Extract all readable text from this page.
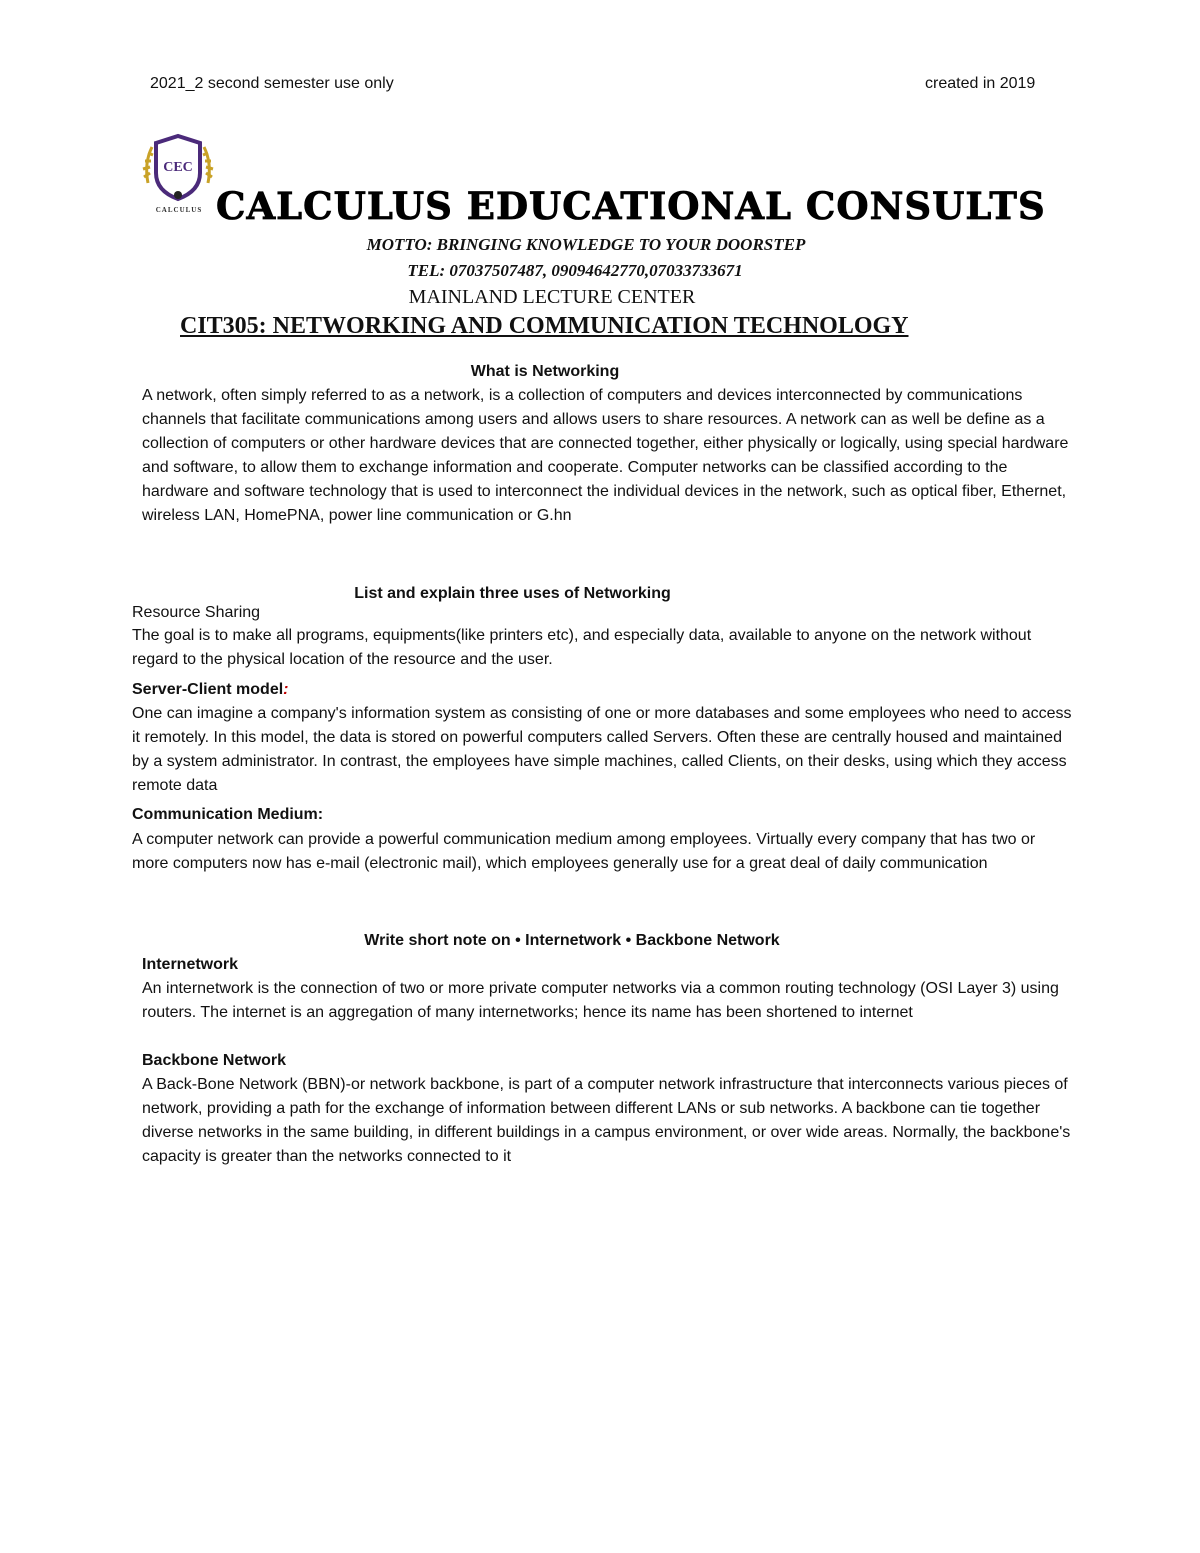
2021_2 second semester use only	created in 2019
CEC
CALCULUS CALCULUS EDUCATIONAL CONSULTS
MOTTO: BRINGING KNOWLEDGE TO YOUR DOORSTEP
TEL: 07037507487, 09094642770,07033733671
MAINLAND LECTURE CENTER
CIT305: NETWORKING AND COMMUNICATION TECHNOLOGY
What is Networking
A network, often simply referred to as a network, is a collection of computers and devices interconnected by communications channels that facilitate communications among users and allows users to share resources. A network can as well be define as a collection of computers or other hardware devices that are connected together, either physically or logically, using special hardware and software, to allow them to exchange information and cooperate. Computer networks can be classified according to the hardware and software technology that is used to interconnect the individual devices in the network, such as optical fiber, Ethernet, wireless LAN, HomePNA, power line communication or G.hn
List and explain three uses of Networking
Resource Sharing
The goal is to make all programs, equipments(like printers etc), and especially data, available to anyone on the network without regard to the physical location of the resource and the user.
Server-Client model:
One can imagine a company's information system as consisting of one or more databases and some employees who need to access it remotely. In this model, the data is stored on powerful computers called Servers. Often these are centrally housed and maintained by a system administrator. In contrast, the employees have simple machines, called Clients, on their desks, using which they access remote data
Communication Medium:
A computer network can provide a powerful communication medium among employees. Virtually every company that has two or more computers now has e-mail (electronic mail), which employees generally use for a great deal of daily communication
Write short note on • Internetwork • Backbone Network
Internetwork
An internetwork is the connection of two or more private computer networks via a common routing technology (OSI Layer 3) using routers. The internet is an aggregation of many internetworks; hence its name has been shortened to internet
Backbone Network
A Back-Bone Network (BBN)-or network backbone, is part of a computer network infrastructure that interconnects various pieces of network, providing a path for the exchange of information between different LANs or sub networks. A backbone can tie together diverse networks in the same building, in different buildings in a campus environment, or over wide areas. Normally, the backbone's capacity is greater than the networks connected to it
